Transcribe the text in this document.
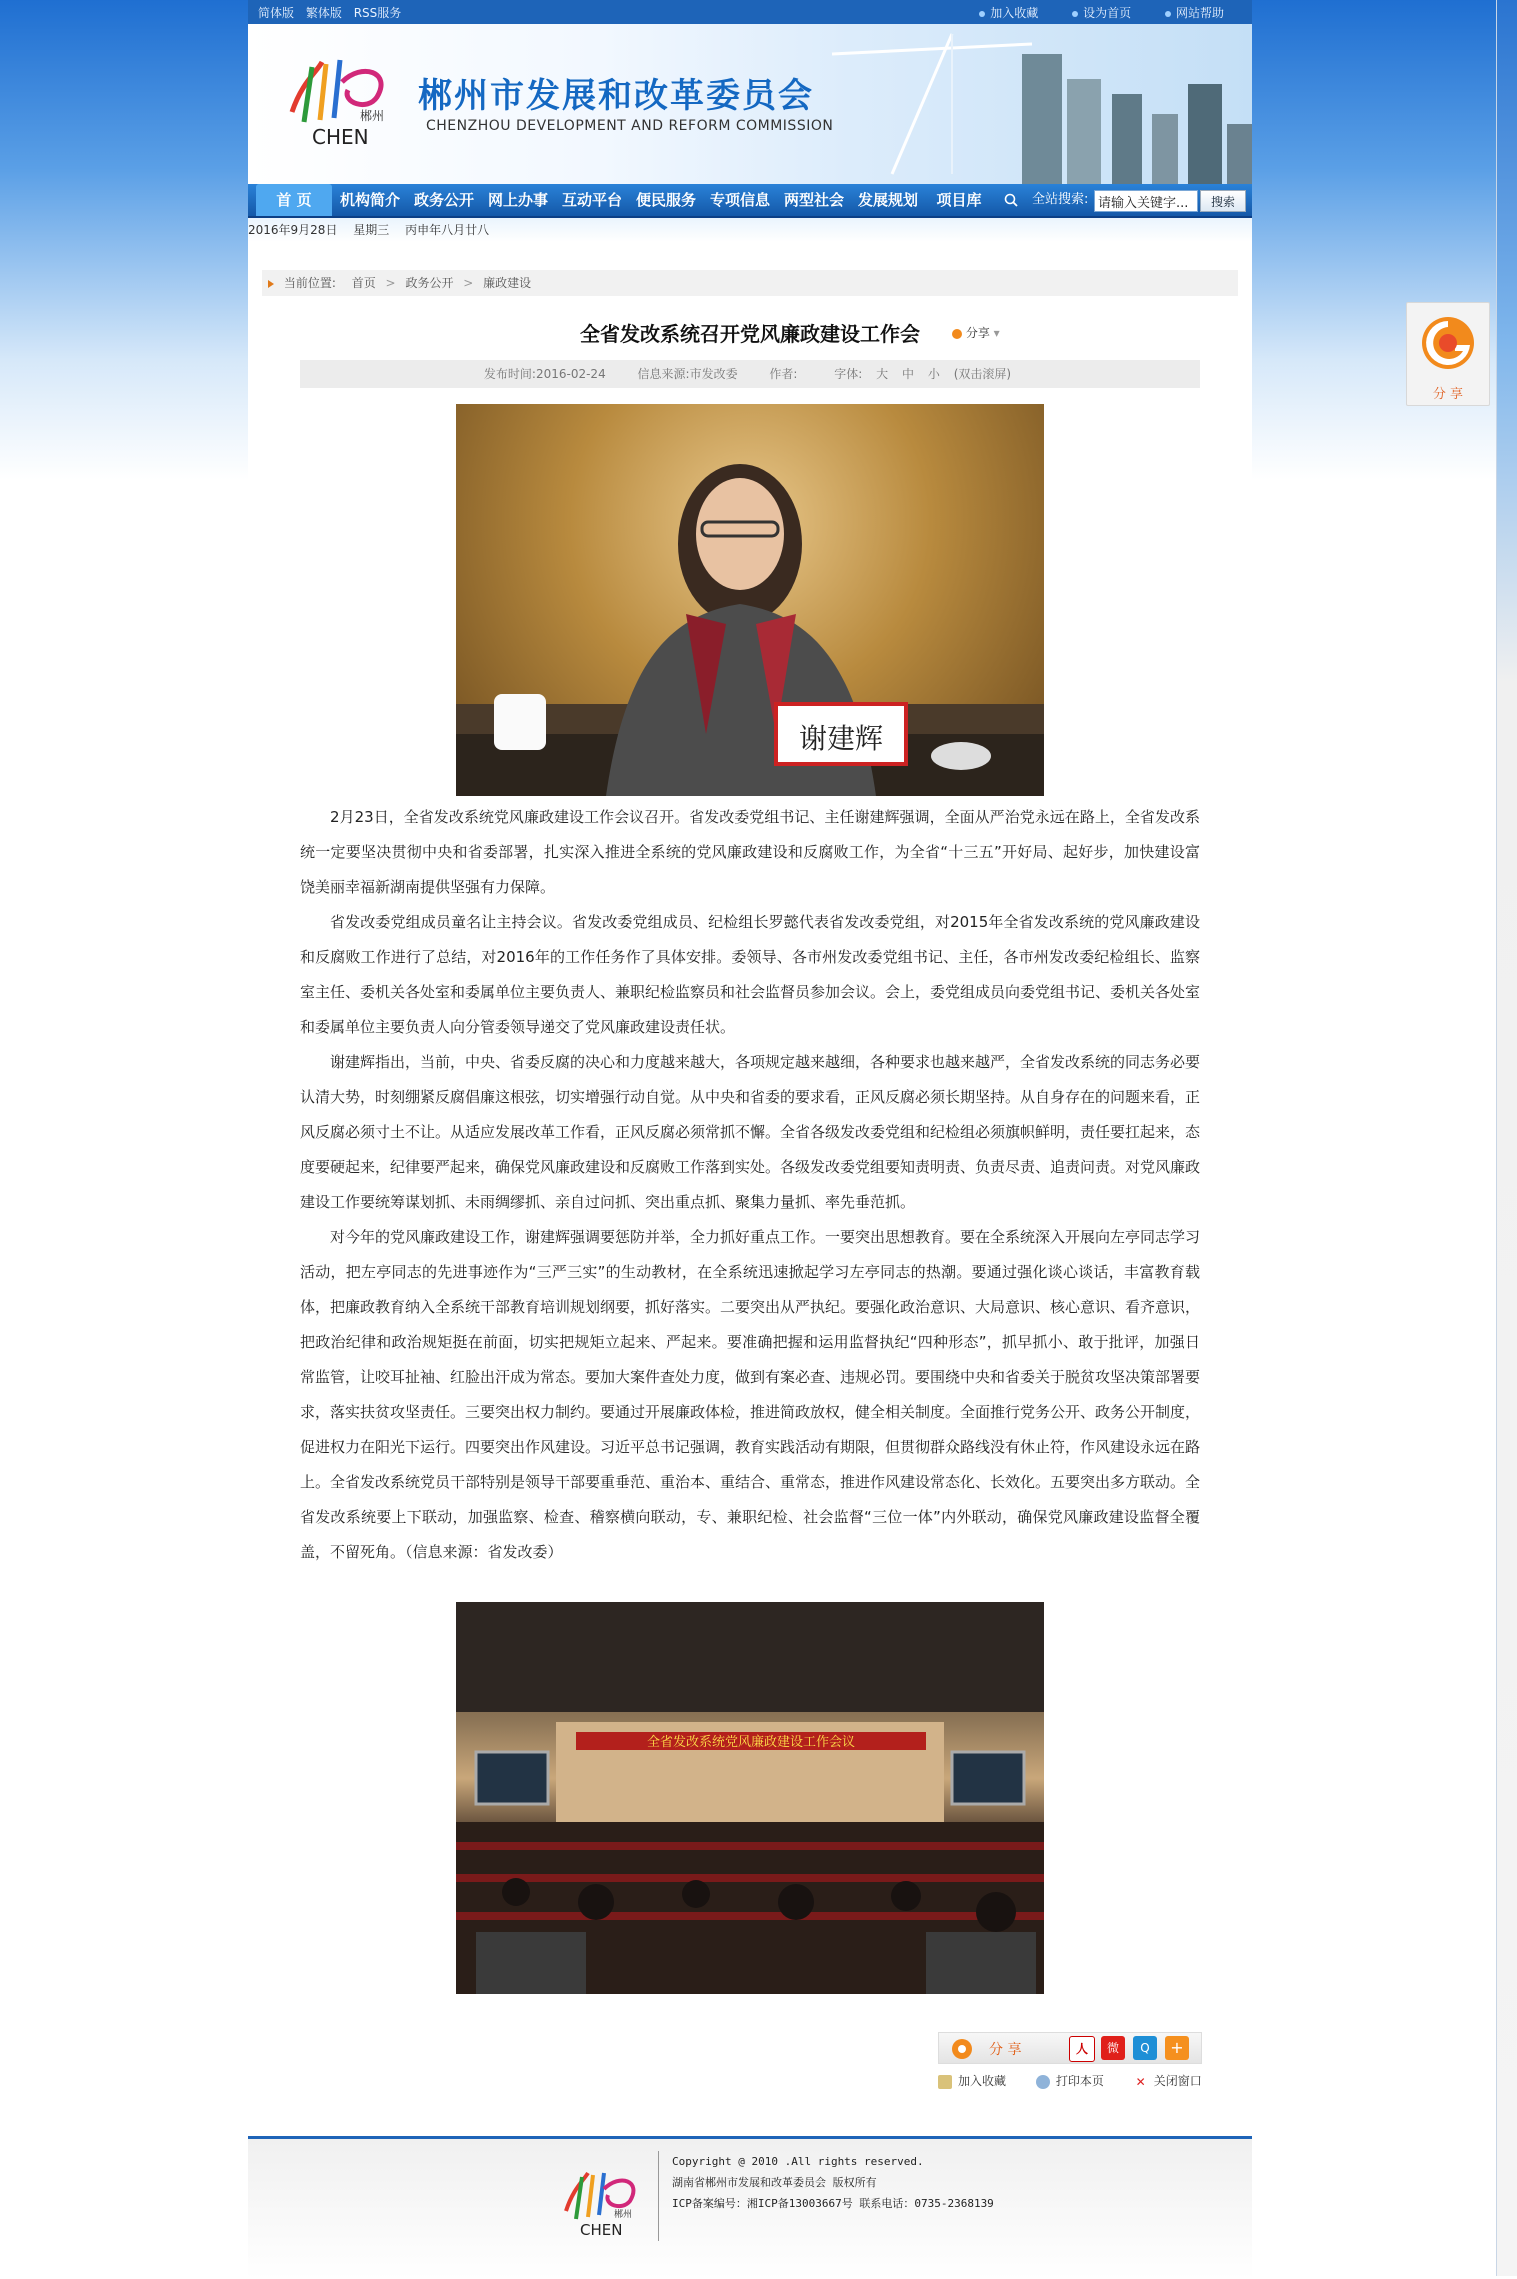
分 享
简体版 繁体版 RSS服务	加入收藏	设为首页	网站帮助
郴州
CHEN
郴州市发展和改革委员会
CHENZHOU DEVELOPMENT AND REFORM COMMISSION
首 页	机构简介 政务公开 网上办事 互动平台 便民服务 专项信息 两型社会 发展规划	项目库	全站搜索:
请输入关键字...	搜索
2016年9月28日 星期三 丙申年八月廿八
当前位置: 首页 > 政务公开 > 廉政建设
全省发改系统召开党风廉政建设工作会	分享 ▾
发布时间:2016-02-24	信息来源:市发改委	作者:	字体: 大 中 小 (双击滚屏)
谢建辉

2月23日，全省发改系统党风廉政建设工作会议召开。省发改委党组书记、主任谢建辉强调，全面从严治党永远在路上，全省发改系统一定要坚决贯彻中央和省委部署，扎实深入推进全系统的党风廉政建设和反腐败工作，为全省“十三五”开好局、起好步，加快建设富饶美丽幸福新湖南提供坚强有力保障。

省发改委党组成员童名让主持会议。省发改委党组成员、纪检组长罗懿代表省发改委党组，对2015年全省发改系统的党风廉政建设和反腐败工作进行了总结，对2016年的工作任务作了具体安排。委领导、各市州发改委党组书记、主任，各市州发改委纪检组长、监察室主任、委机关各处室和委属单位主要负责人、兼职纪检监察员和社会监督员参加会议。会上，委党组成员向委党组书记、委机关各处室和委属单位主要负责人向分管委领导递交了党风廉政建设责任状。

谢建辉指出，当前，中央、省委反腐的决心和力度越来越大，各项规定越来越细，各种要求也越来越严，全省发改系统的同志务必要认清大势，时刻绷紧反腐倡廉这根弦，切实增强行动自觉。从中央和省委的要求看，正风反腐必须长期坚持。从自身存在的问题来看，正风反腐必须寸土不让。从适应发展改革工作看，正风反腐必须常抓不懈。全省各级发改委党组和纪检组必须旗帜鲜明，责任要扛起来，态度要硬起来，纪律要严起来，确保党风廉政建设和反腐败工作落到实处。各级发改委党组要知责明责、负责尽责、追责问责。对党风廉政建设工作要统筹谋划抓、未雨绸缪抓、亲自过问抓、突出重点抓、聚集力量抓、率先垂范抓。

对今年的党风廉政建设工作，谢建辉强调要惩防并举，全力抓好重点工作。一要突出思想教育。要在全系统深入开展向左亭同志学习活动，把左亭同志的先进事迹作为“三严三实”的生动教材，在全系统迅速掀起学习左亭同志的热潮。要通过强化谈心谈话，丰富教育载体，把廉政教育纳入全系统干部教育培训规划纲要，抓好落实。二要突出从严执纪。要强化政治意识、大局意识、核心意识、看齐意识，把政治纪律和政治规矩挺在前面，切实把规矩立起来、严起来。要准确把握和运用监督执纪“四种形态”，抓早抓小、敢于批评，加强日常监管，让咬耳扯袖、红脸出汗成为常态。要加大案件查处力度，做到有案必查、违规必罚。要围绕中央和省委关于脱贫攻坚决策部署要求，落实扶贫攻坚责任。三要突出权力制约。要通过开展廉政体检，推进简政放权，健全相关制度。全面推行党务公开、政务公开制度，促进权力在阳光下运行。四要突出作风建设。习近平总书记强调，教育实践活动有期限，但贯彻群众路线没有休止符，作风建设永远在路上。全省发改系统党员干部特别是领导干部要重垂范、重治本、重结合、重常态，推进作风建设常态化、长效化。五要突出多方联动。全省发改系统要上下联动，加强监察、检查、稽察横向联动，专、兼职纪检、社会监督“三位一体”内外联动，确保党风廉政建设监督全覆盖，不留死角。（信息来源：省发改委）

全省发改系统党风廉政建设工作会议
分 享	人	微	Q	+
加入收藏	打印本页	✕ 关闭窗口
郴州
CHEN
Copyright @ 2010 .All rights reserved.
湖南省郴州市发展和改革委员会 版权所有
ICP备案编号：湘ICP备13003667号 联系电话：0735-2368139
